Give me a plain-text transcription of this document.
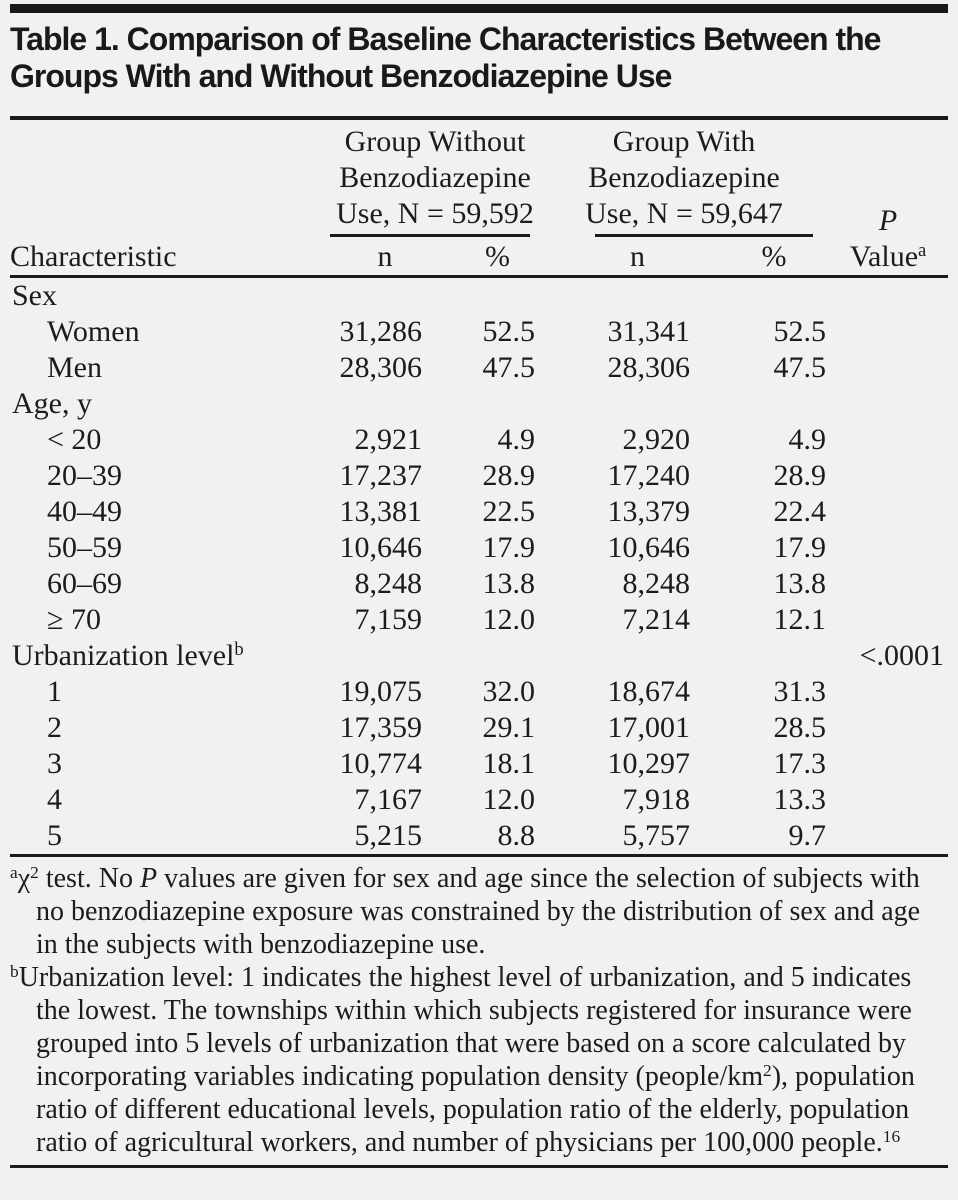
Table 1. Comparison of Baseline Characteristics Between the
Groups With and Without Benzodiazepine Use
Characteristic
Group Without
Benzodiazepine
Use, N = 59,592
Group With
Benzodiazepine
Use, N = 59,647
n	%	n	%
P
Value$^a$
Sex
Women	31,286	52.5	31,341	52.5
Men	28,306	47.5	28,306	47.5
Age, y
< 20	2,921	4.9	2,920	4.9
20–39	17,237	28.9	17,240	28.9
40–49	13,381	22.5	13,379	22.4
50–59	10,646	17.9	10,646	17.9
60–69	8,248	13.8	8,248	13.8
≥ 70	7,159	12.0	7,214	12.1
Urbanization level$^b$	<.0001
1	19,075	32.0	18,674	31.3
2	17,359	29.1	17,001	28.5
3	10,774	18.1	10,297	17.3
4	7,167	12.0	7,918	13.3
5	5,215	8.8	5,757	9.7

$^a\chi^2$ test. No P values are given for sex and age since the selection of subjects with no benzodiazepine exposure was constrained by the distribution of sex and age in the subjects with benzodiazepine use.

$^b$Urbanization level: 1 indicates the highest level of urbanization, and 5 indicates the lowest. The townships within which subjects registered for insurance were grouped into 5 levels of urbanization that were based on a score calculated by incorporating variables indicating population density $(people/km^2)$, population ratio of different educational levels, population ratio of the elderly, population ratio of agricultural workers, and number of physicians per 100,000 people.$^{16}$
